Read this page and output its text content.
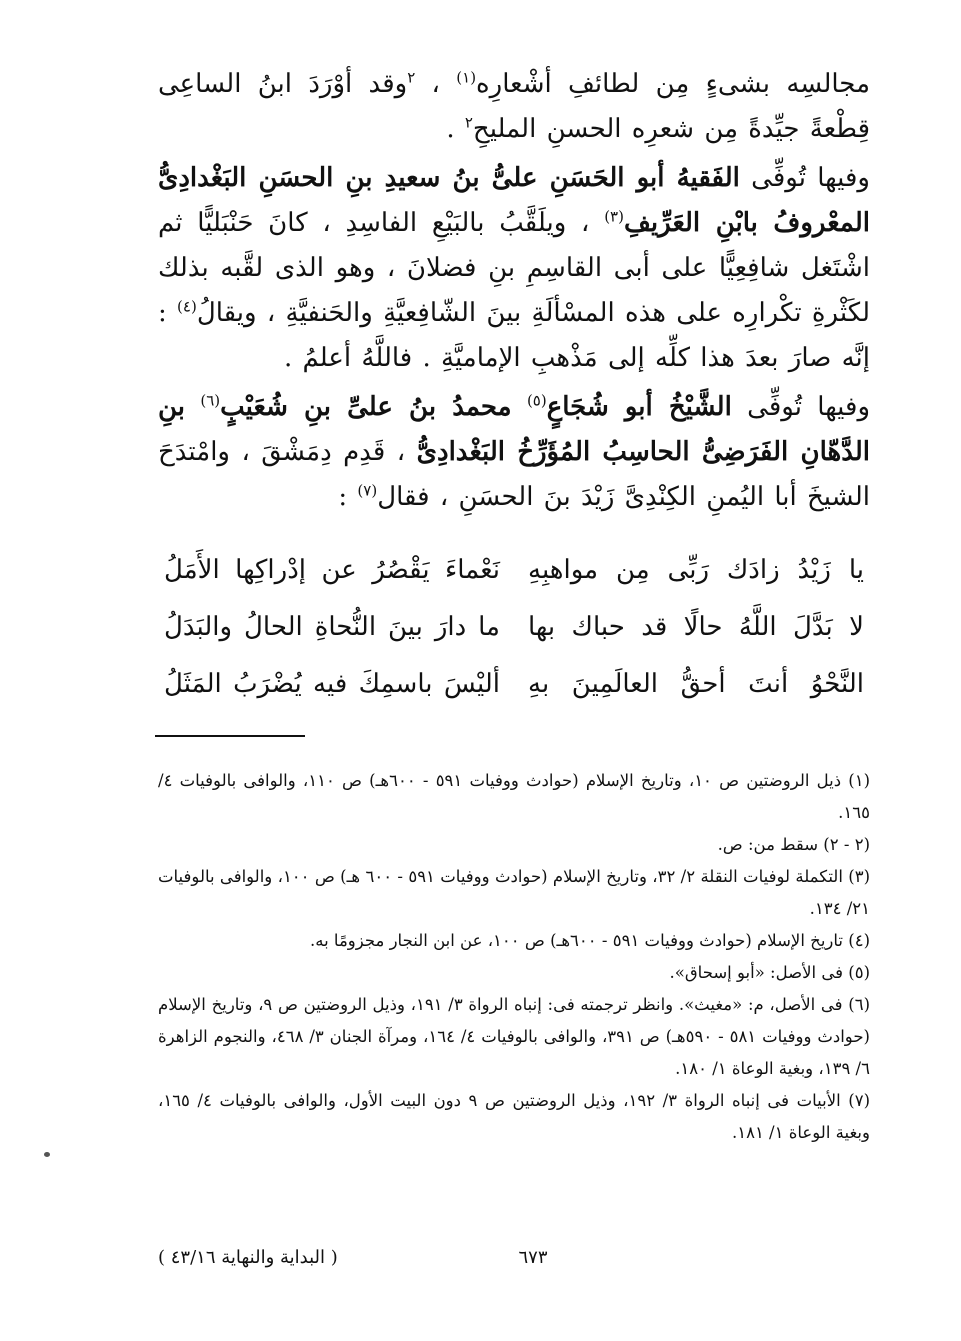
مجالسِه بشىءٍ مِن لطائفِ أشْعارِه$^{(١)}$ ، $^٢$وقد أوْرَدَ ابنُ الساعِى قِطْعةً جيِّدةً مِن شعرِه الحسنِ المليحِ$^٢$ .

وفيها تُوفِّى الفَقيهُ أبو الحَسَنِ علىُّ بنُ سعيدِ بنِ الحسَنِ البَغْدادِىُّ المعْروفُ بابْنِ العَرِّيفِ$^{(٣)}$ ، ويلَقَّبُ بالبَيْعِ الفاسِدِ ، كانَ حَنْبَليًّا ثم اشْتَغل شافِعِيًّا على أبى القاسِمِ بنِ فضلانَ ، وهو الذى لقَّبه بذلك لكَثْرةِ تكْرارِه على هذه المسْألَةِ بينَ الشّافِعيَّةِ والحَنفيَّةِ ، ويقالُ$^{(٤)}$ : إنَّه صارَ بعدَ هذا كلِّه إلى مَذْهبِ الإماميَّةِ . فاللَّهُ أعلمُ .

وفيها تُوفِّى الشَّيْخُ أبو شُجَاعٍ$^{(٥)}$ محمدُ بنُ علىِّ بنِ شُعَيْبٍ$^{(٦)}$ بنِ الدَّهّانِ الفَرَضِىُّ الحاسِبُ المُؤَرِّخُ البَغْدادِىُّ ، قَدِم دِمَشْقَ ، وامْتدَحَ الشيخَ أبا اليُمنِ الكِنْدِىَّ زَيْدَ بنَ الحسَنِ ، فقال$^{(٧)}$ :

يا زَيْدُ زادَك رَبِّى مِن مواهبِهِ
نَعْماءَ يَقْصُرُ عن إدْراكِها الأَمَلُ
لا بَدَّلَ اللَّهُ حالًا قد حباك بها
ما دارَ بينَ النُّحاةِ الحالُ والبَدَلُ
النَّحْوُ أنتَ أحقُّ العالَمِينَ بهِ
أليْسَ باسمِكَ فيه يُضْرَبُ المَثَلُ

(١) ذيل الروضتين ص ١٠، وتاريخ الإسلام (حوادث ووفيات ٥٩١ - ٦٠٠هـ) ص ١١٠، والوافى بالوفيات ٤/ ١٦٥.

(٢ - ٢) سقط من: ص.

(٣) التكملة لوفيات النقلة ٢/ ٣٢، وتاريخ الإسلام (حوادث ووفيات ٥٩١ - ٦٠٠ هـ) ص ١٠٠، والوافى بالوفيات ٢١/ ١٣٤.

(٤) تاريخ الإسلام (حوادث ووفيات ٥٩١ - ٦٠٠هـ) ص ١٠٠، عن ابن النجار مجزومًا به.

(٥) فى الأصل: «أبو إسحاق».

(٦) فى الأصل، م: «مغيث». وانظر ترجمته فى: إنباه الرواة ٣/ ١٩١، وذيل الروضتين ص ٩، وتاريخ الإسلام (حوادث ووفيات ٥٨١ - ٥٩٠هـ) ص ٣٩١، والوافى بالوفيات ٤/ ١٦٤، ومرآة الجنان ٣/ ٤٦٨، والنجوم الزاهرة ٦/ ١٣٩، وبغية الوعاة ١/ ١٨٠.

(٧) الأبيات فى إنباه الرواة ٣/ ١٩٢، وذيل الروضتين ص ٩ دون البيت الأول، والوافى بالوفيات ٤/ ١٦٥، وبغية الوعاة ١/ ١٨١.

٦٧٣
( البداية والنهاية ٤٣/١٦ )
